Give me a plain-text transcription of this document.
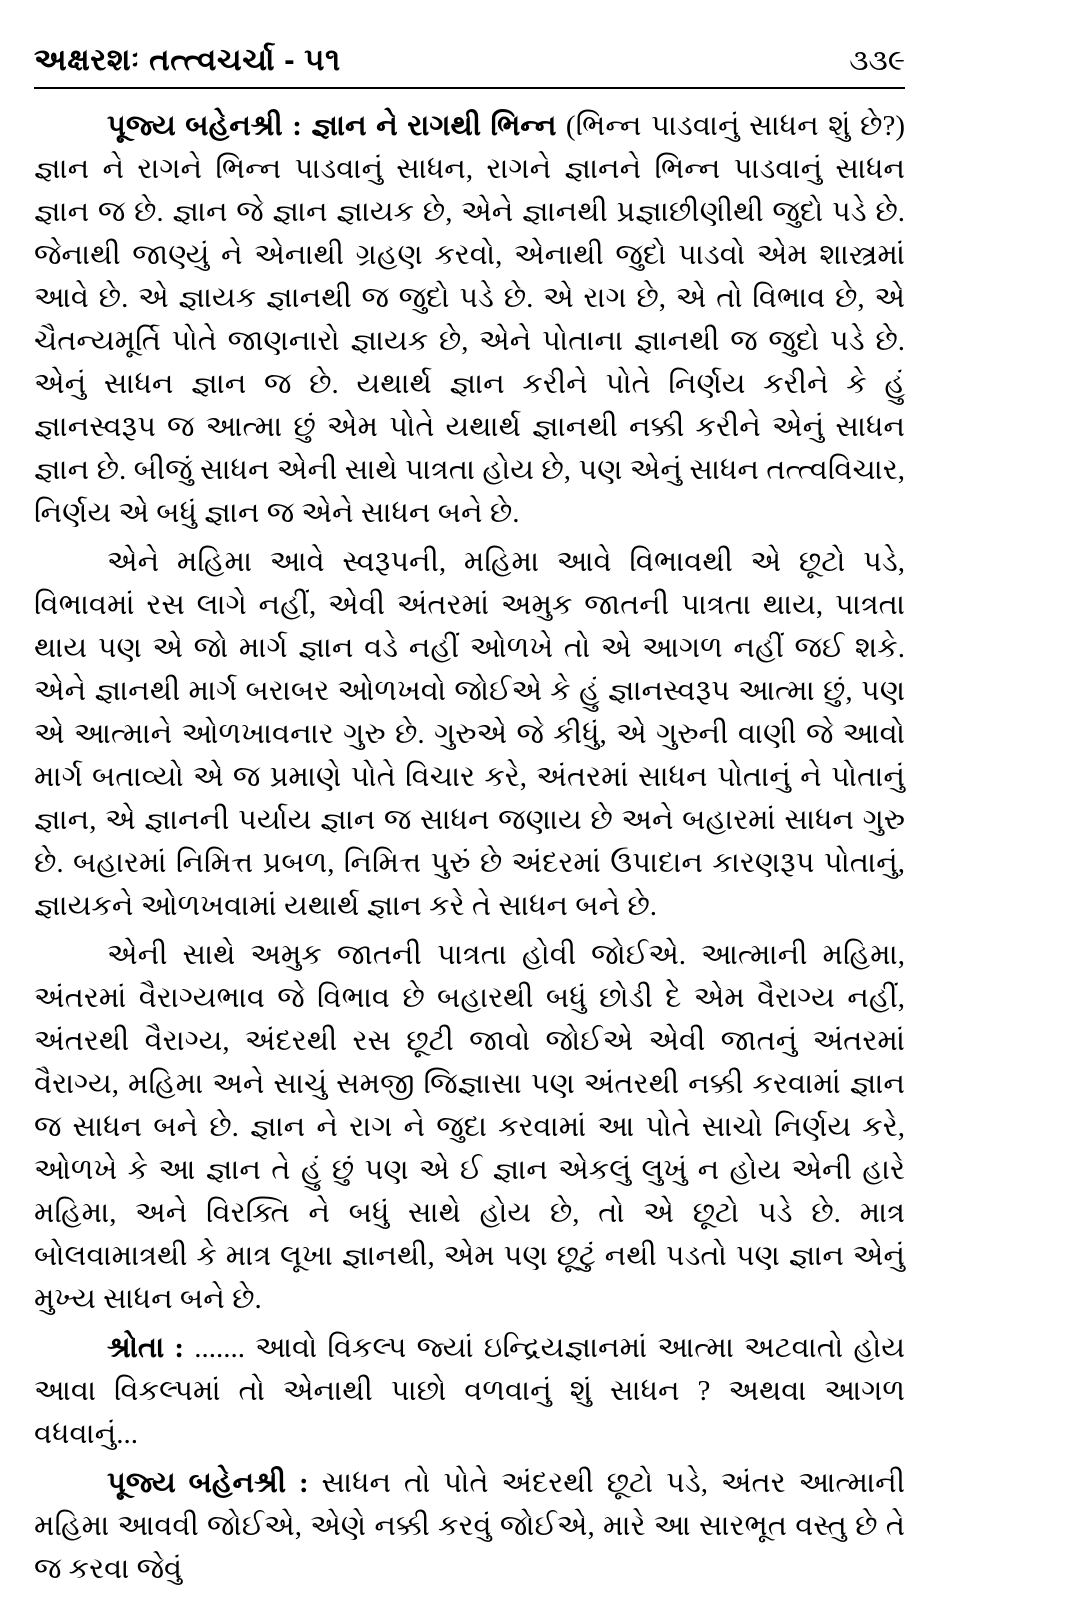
અક્ષરશઃ તત્ત્વચર્ચા - ૫૧	૩૩૯

પૂજ્ય બહેનશ્રી : જ્ઞાન ને રાગથી ભિન્ન (ભિન્ન પાડવાનું સાધન શું છે?) જ્ઞાન ને રાગને ભિન્ન પાડવાનું સાધન, રાગને જ્ઞાનને ભિન્ન પાડવાનું સાધન જ્ઞાન જ છે. જ્ઞાન જે જ્ઞાન જ્ઞાયક છે, એને જ્ઞાનથી પ્રજ્ઞાછીણીથી જુદો પડે છે. જેનાથી જાણ્યું ને એનાથી ગ્રહણ કરવો, એનાથી જુદો પાડવો એમ શાસ્ત્રમાં આવે છે. એ જ્ઞાયક જ્ઞાનથી જ જુદો પડે છે. એ રાગ છે, એ તો વિભાવ છે, એ ચૈતન્યમૂર્તિ પોતે જાણનારો જ્ઞાયક છે, એને પોતાના જ્ઞાનથી જ જુદો પડે છે. એનું સાધન જ્ઞાન જ છે. યથાર્થ જ્ઞાન કરીને પોતે નિર્ણય કરીને કે હું જ્ઞાનસ્વરૂપ જ આત્મા છું એમ પોતે યથાર્થ જ્ઞાનથી નક્કી કરીને એનું સાધન જ્ઞાન છે. બીજું સાધન એની સાથે પાત્રતા હોય છે, પણ એનું સાધન તત્ત્વવિચાર, નિર્ણય એ બધું જ્ઞાન જ એને સાધન બને છે.

એને મહિમા આવે સ્વરૂપની, મહિમા આવે વિભાવથી એ છૂટો પડે, વિભાવમાં રસ લાગે નહીં, એવી અંતરમાં અમુક જાતની પાત્રતા થાય, પાત્રતા થાય પણ એ જો માર્ગ જ્ઞાન વડે નહીં ઓળખે તો એ આગળ નહીં જઈ શકે. એને જ્ઞાનથી માર્ગ બરાબર ઓળખવો જોઈએ કે હું જ્ઞાનસ્વરૂપ આત્મા છું, પણ એ આત્માને ઓળખાવનાર ગુરુ છે. ગુરુએ જે કીધું, એ ગુરુની વાણી જે આવો માર્ગ બતાવ્યો એ જ પ્રમાણે પોતે વિચાર કરે, અંતરમાં સાધન પોતાનું ને પોતાનું જ્ઞાન, એ જ્ઞાનની પર્યાય જ્ઞાન જ સાધન જણાય છે અને બહારમાં સાધન ગુરુ છે. બહારમાં નિમિત્ત પ્રબળ, નિમિત્ત પુરું છે અંદરમાં ઉપાદાન કારણરૂપ પોતાનું, જ્ઞાયકને ઓળખવામાં યથાર્થ જ્ઞાન કરે તે સાધન બને છે.

એની સાથે અમુક જાતની પાત્રતા હોવી જોઈએ. આત્માની મહિમા, અંતરમાં વૈરાગ્યભાવ જે વિભાવ છે બહારથી બધું છોડી દે એમ વૈરાગ્ય નહીં, અંતરથી વૈરાગ્ય, અંદરથી રસ છૂટી જાવો જોઈએ એવી જાતનું અંતરમાં વૈરાગ્ય, મહિમા અને સાચું સમજી જિજ્ઞાસા પણ અંતરથી નક્કી કરવામાં જ્ઞાન જ સાધન બને છે. જ્ઞાન ને રાગ ને જુદા કરવામાં આ પોતે સાચો નિર્ણય કરે, ઓળખે કે આ જ્ઞાન તે હું છું પણ એ ઈ જ્ઞાન એકલું લુખું ન હોય એની હારે મહિમા, અને વિરક્તિ ને બધું સાથે હોય છે, તો એ છૂટો પડે છે. માત્ર બોલવામાત્રથી કે માત્ર લૂખા જ્ઞાનથી, એમ પણ છૂટું નથી પડતો પણ જ્ઞાન એનું મુખ્ય સાધન બને છે.

શ્રોતા : ....... આવો વિકલ્પ જ્યાં ઇન્દ્રિયજ્ઞાનમાં આત્મા અટવાતો હોય આવા વિકલ્પમાં તો એનાથી પાછો વળવાનું શું સાધન ? અથવા આગળ વધવાનું...

પૂજ્ય બહેનશ્રી : સાધન તો પોતે અંદરથી છૂટો પડે, અંતર આત્માની મહિમા આવવી જોઈએ, એણે નક્કી કરવું જોઈએ, મારે આ સારભૂત વસ્તુ છે તે જ કરવા જેવું
